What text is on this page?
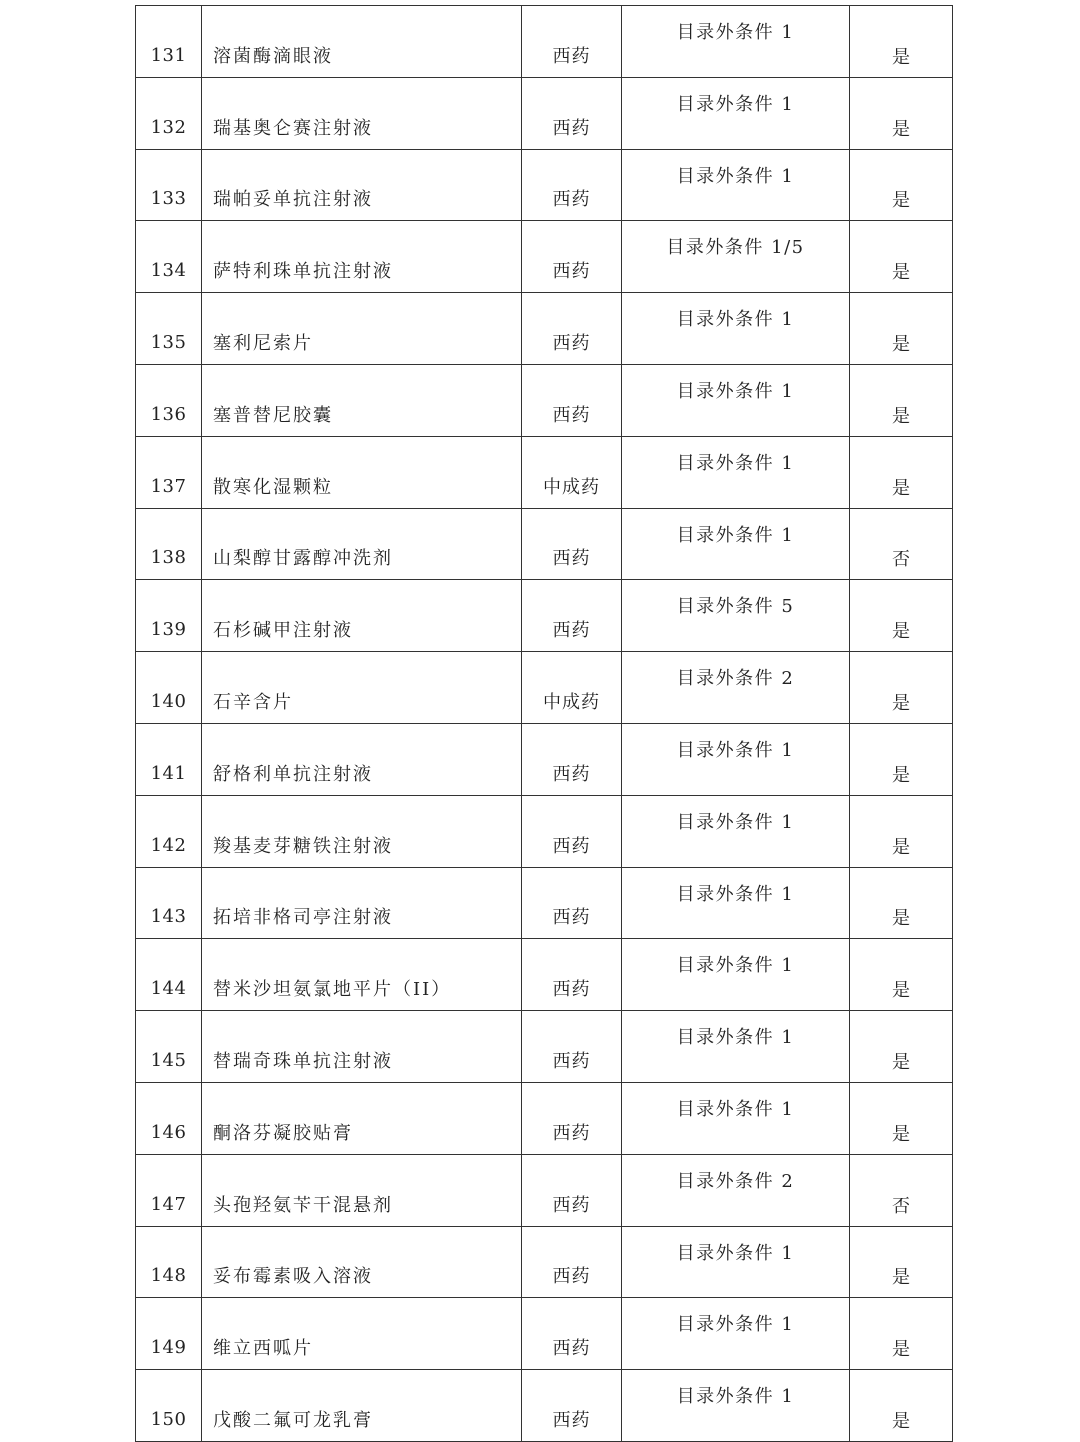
131	溶菌酶滴眼液	西药	目录外条件 1	是
132	瑞基奥仑赛注射液	西药	目录外条件 1	是
133	瑞帕妥单抗注射液	西药	目录外条件 1	是
134	萨特利珠单抗注射液	西药	目录外条件 1/5	是
135	塞利尼索片	西药	目录外条件 1	是
136	塞普替尼胶囊	西药	目录外条件 1	是
137	散寒化湿颗粒	中成药	目录外条件 1	是
138	山梨醇甘露醇冲洗剂	西药	目录外条件 1	否
139	石杉碱甲注射液	西药	目录外条件 5	是
140	石辛含片	中成药	目录外条件 2	是
141	舒格利单抗注射液	西药	目录外条件 1	是
142	羧基麦芽糖铁注射液	西药	目录外条件 1	是
143	拓培非格司亭注射液	西药	目录外条件 1	是
144	替米沙坦氨氯地平片（II）	西药	目录外条件 1	是
145	替瑞奇珠单抗注射液	西药	目录外条件 1	是
146	酮洛芬凝胶贴膏	西药	目录外条件 1	是
147	头孢羟氨苄干混悬剂	西药	目录外条件 2	否
148	妥布霉素吸入溶液	西药	目录外条件 1	是
149	维立西呱片	西药	目录外条件 1	是
150	戊酸二氟可龙乳膏	西药	目录外条件 1	是
